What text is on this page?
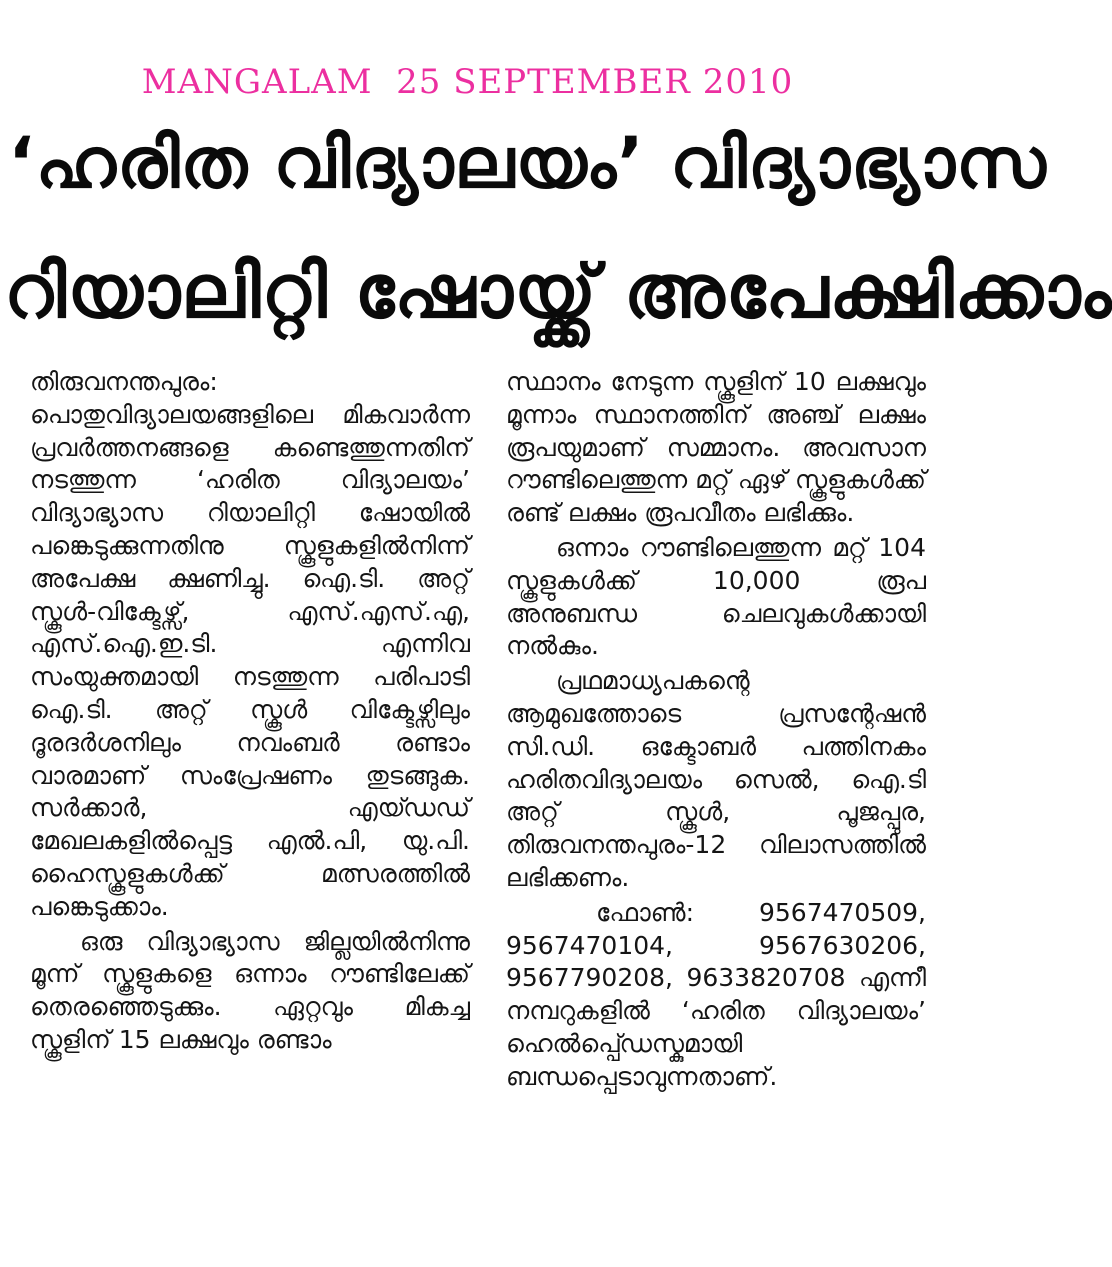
MANGALAM  25 SEPTEMBER 2010
‘ഹരിത വിദ്യാലയം’ വിദ്യാഭ്യാസ
റിയാലിറ്റി ഷോയ്ക്ക് അപേക്ഷിക്കാം

തിരുവനന്തപുരം: പൊതുവിദ്യാലയങ്ങളിലെ മികവാർന്ന പ്രവർത്തനങ്ങളെ കണ്ടെത്തുന്നതിന് നടത്തുന്ന ‘ഹരിത വിദ്യാലയം’ വിദ്യാഭ്യാസ റിയാലിറ്റി ഷോയിൽ പങ്കെടുക്കുന്നതിനു സ്കൂളുകളിൽനിന്ന് അപേക്ഷ ക്ഷണിച്ചു. ഐ.ടി. അറ്റ് സ്കൂൾ-വിക്ടേഴ്സ്, എസ്.എസ്.എ, എസ്.ഐ.ഇ.ടി. എന്നിവ സംയുക്തമായി നടത്തുന്ന പരിപാടി ഐ.ടി. അറ്റ് സ്കൂൾ വിക്ടേഴ്സിലും ദൂരദർശനിലും നവംബർ രണ്ടാം വാരമാണ് സംപ്രേഷണം തുടങ്ങുക. സർക്കാർ, എയ്ഡഡ് മേഖലകളിൽപ്പെട്ട എൽ.പി, യു.പി. ഹൈസ്കൂളുകൾക്ക് മത്സരത്തിൽ പങ്കെടുക്കാം.

ഒരു വിദ്യാഭ്യാസ ജില്ലയിൽനിന്നു മൂന്ന് സ്കൂളുകളെ ഒന്നാം റൗണ്ടിലേക്ക് തെരഞ്ഞെടുക്കും. ഏറ്റവും മികച്ച സ്കൂളിന് 15 ലക്ഷവും രണ്ടാം

സ്ഥാനം നേടുന്ന സ്കൂളിന് 10 ലക്ഷവും മൂന്നാം സ്ഥാനത്തിന് അഞ്ച് ലക്ഷം രൂപയുമാണ് സമ്മാനം. അവസാന റൗണ്ടിലെത്തുന്ന മറ്റ് ഏഴ് സ്കൂളുകൾക്ക് രണ്ട് ലക്ഷം രൂപവീതം ലഭിക്കും.

ഒന്നാം റൗണ്ടിലെത്തുന്ന മറ്റ് 104 സ്കൂളുകൾക്ക് 10,000 രൂപ അനുബന്ധ ചെലവുകൾക്കായി നൽകും.

പ്രഥമാധ്യപകന്റെ ആമുഖത്തോടെ പ്രസന്റേഷൻ സി.ഡി. ഒക്ടോബർ പത്തിനകം ഹരിതവിദ്യാലയം സെൽ, ഐ.ടി അറ്റ് സ്കൂൾ, പൂജപ്പുര, തിരുവനന്തപുരം-12 വിലാസത്തിൽ ലഭിക്കണം.

ഫോൺ: 9567470509, 9567470104, 9567630206, 9567790208, 9633820708 എന്നീ നമ്പറുകളിൽ ‘ഹരിത വിദ്യാലയം’ ഹെൽപ്പ്ഡെസ്കുമായി ബന്ധപ്പെടാവുന്നതാണ്.
